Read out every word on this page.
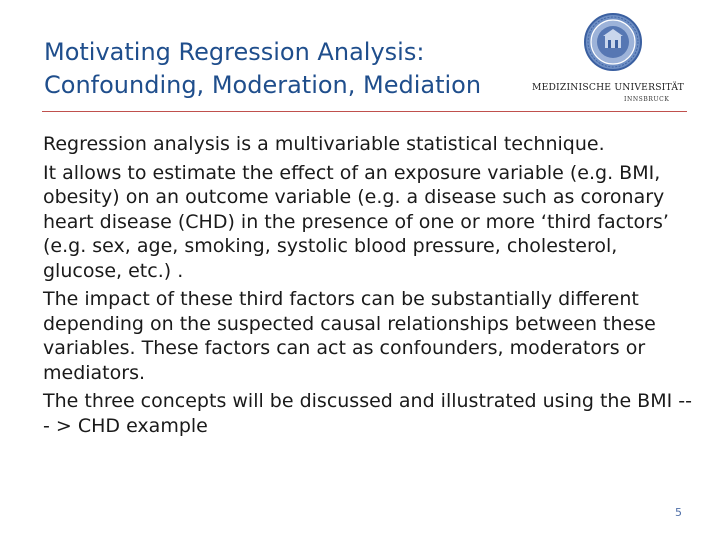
Motivating Regression Analysis:
Confounding, Moderation, Mediation	MEDIZINISCHE UNIVERSITÄT
INNSBRUCK

Regression analysis is a multivariable statistical technique.

It allows to estimate the effect of an exposure variable (e.g. BMI, obesity) on an outcome variable (e.g. a disease such as coronary heart disease (CHD) in the presence of one or more ‘third factors’ (e.g. sex, age, smoking, systolic blood pressure, cholesterol, glucose, etc.) .

The impact of these third factors can be substantially different depending on the suspected causal relationships between these variables. These factors can act as confounders, moderators or mediators.

The three concepts will be discussed and illustrated using the BMI --- > CHD example

5
